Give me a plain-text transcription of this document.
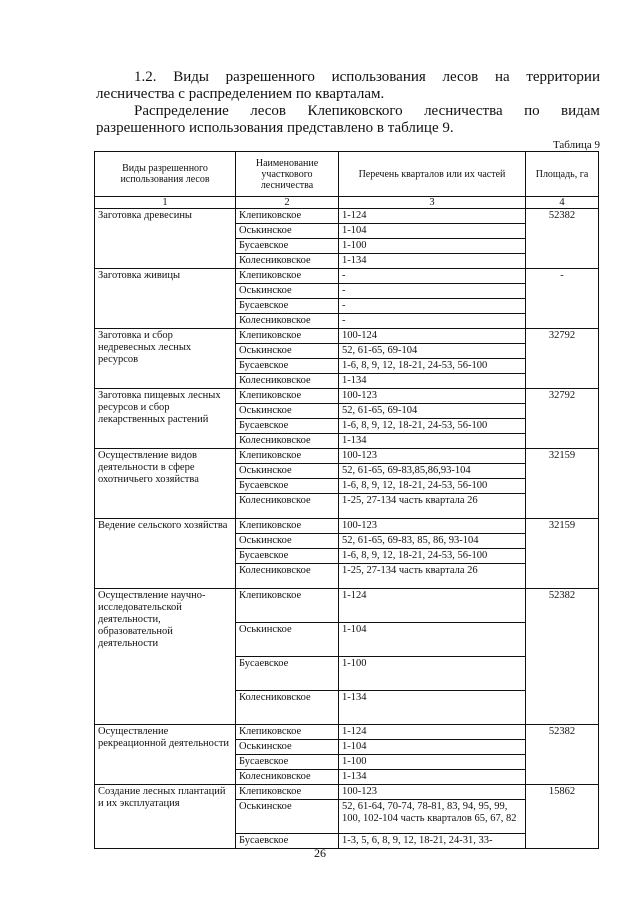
1.2. Виды разрешенного использования лесов на территории
лесничества с распределением по кварталам.
Распределение лесов Клепиковского лесничества по видам
разрешенного использования представлено в таблице 9.
Таблица 9
Виды разрешенного использования лесов	Наименование участкового лесничества	Перечень кварталов или их частей	Площадь, га
1	2	3	4
Заготовка древесины	Клепиковское	1-124	52382
	Оськинское	1-104	
	Бусаевское	1-100	
	Колесниковское	1-134	
Заготовка живицы	Клепиковское	-	-
	Оськинское	-	
	Бусаевское	-	
	Колесниковское	-	
Заготовка и сбор недревесных лесных ресурсов	Клепиковское	100-124	32792
	Оськинское	52, 61-65, 69-104	
	Бусаевское	1-6, 8, 9, 12, 18-21, 24-53, 56-100	
	Колесниковское	1-134	
Заготовка пищевых лесных ресурсов и сбор лекарственных растений	Клепиковское	100-123	32792
	Оськинское	52, 61-65, 69-104	
	Бусаевское	1-6, 8, 9, 12, 18-21, 24-53, 56-100	
	Колесниковское	1-134	
Осуществление видов деятельности в сфере охотничьего хозяйства	Клепиковское	100-123	32159
	Оськинское	52, 61-65, 69-83,85,86,93-104	
	Бусаевское	1-6, 8, 9, 12, 18-21, 24-53, 56-100	
	Колесниковское	1-25, 27-134 часть квартала 26	
Ведение сельского хозяйства	Клепиковское	100-123	32159
	Оськинское	52, 61-65, 69-83, 85, 86, 93-104	
	Бусаевское	1-6, 8, 9, 12, 18-21, 24-53, 56-100	
	Колесниковское	1-25, 27-134 часть квартала 26	
Осуществление научно-исследовательской деятельности, образовательной деятельности	Клепиковское	1-124	52382
	Оськинское	1-104	
	Бусаевское	1-100	
	Колесниковское	1-134	
Осуществление рекреационной деятельности	Клепиковское	1-124	52382
	Оськинское	1-104	
	Бусаевское	1-100	
	Колесниковское	1-134	
Создание лесных плантаций и их эксплуатация	Клепиковское	100-123	15862
	Оськинское	52, 61-64, 70-74, 78-81, 83, 94, 95, 99, 100, 102-104 часть кварталов 65, 67, 82	
	Бусаевское	1-3, 5, 6, 8, 9, 12, 18-21, 24-31, 33-	
26
